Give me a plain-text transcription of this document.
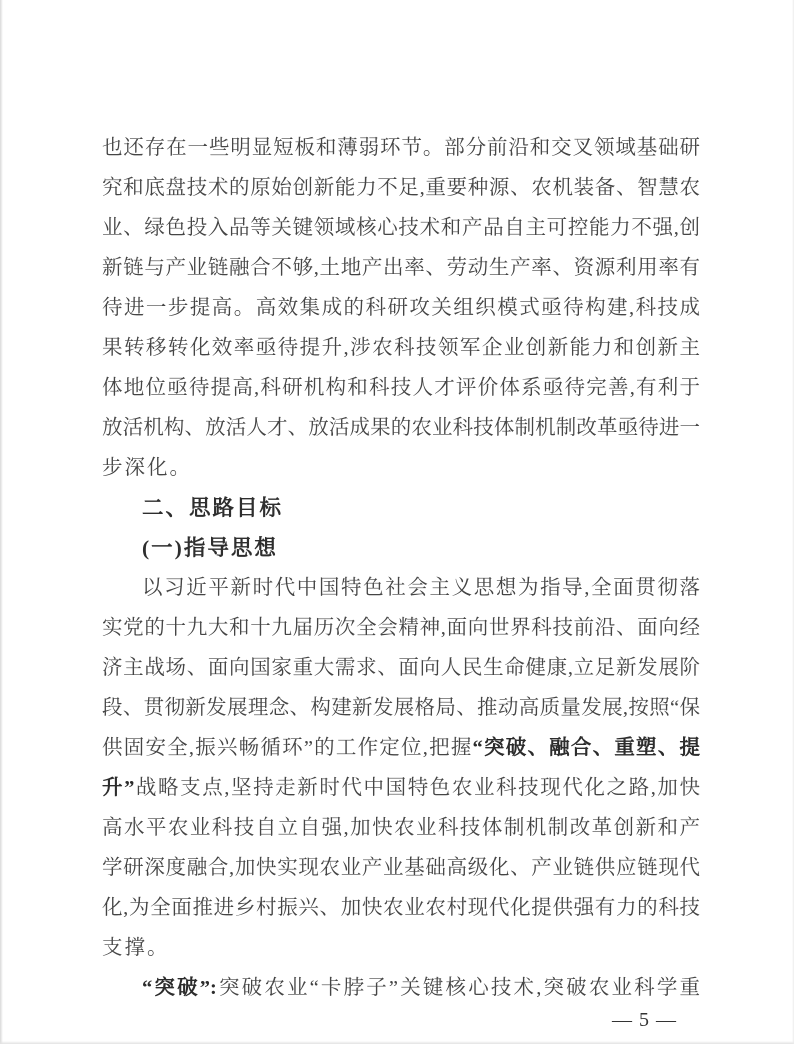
也还存在一些明显短板和薄弱环节。部分前沿和交叉领域基础研
究和底盘技术的原始创新能力不足,重要种源、农机装备、智慧农
业、绿色投入品等关键领域核心技术和产品自主可控能力不强,创
新链与产业链融合不够,土地产出率、劳动生产率、资源利用率有
待进一步提高。高效集成的科研攻关组织模式亟待构建,科技成
果转移转化效率亟待提升,涉农科技领军企业创新能力和创新主
体地位亟待提高,科研机构和科技人才评价体系亟待完善,有利于
放活机构、放活人才、放活成果的农业科技体制机制改革亟待进一
步深化。
二、思路目标
(一)指导思想
以习近平新时代中国特色社会主义思想为指导,全面贯彻落
实党的十九大和十九届历次全会精神,面向世界科技前沿、面向经
济主战场、面向国家重大需求、面向人民生命健康,立足新发展阶
段、贯彻新发展理念、构建新发展格局、推动高质量发展,按照“保
供固安全,振兴畅循环”的工作定位,把握“突破、融合、重塑、提
升”战略支点,坚持走新时代中国特色农业科技现代化之路,加快
高水平农业科技自立自强,加快农业科技体制机制改革创新和产
学研深度融合,加快实现农业产业基础高级化、产业链供应链现代
化,为全面推进乡村振兴、加快农业农村现代化提供强有力的科技
支撑。
“突破”:突破农业“卡脖子”关键核心技术,突破农业科学重
— 5 —
